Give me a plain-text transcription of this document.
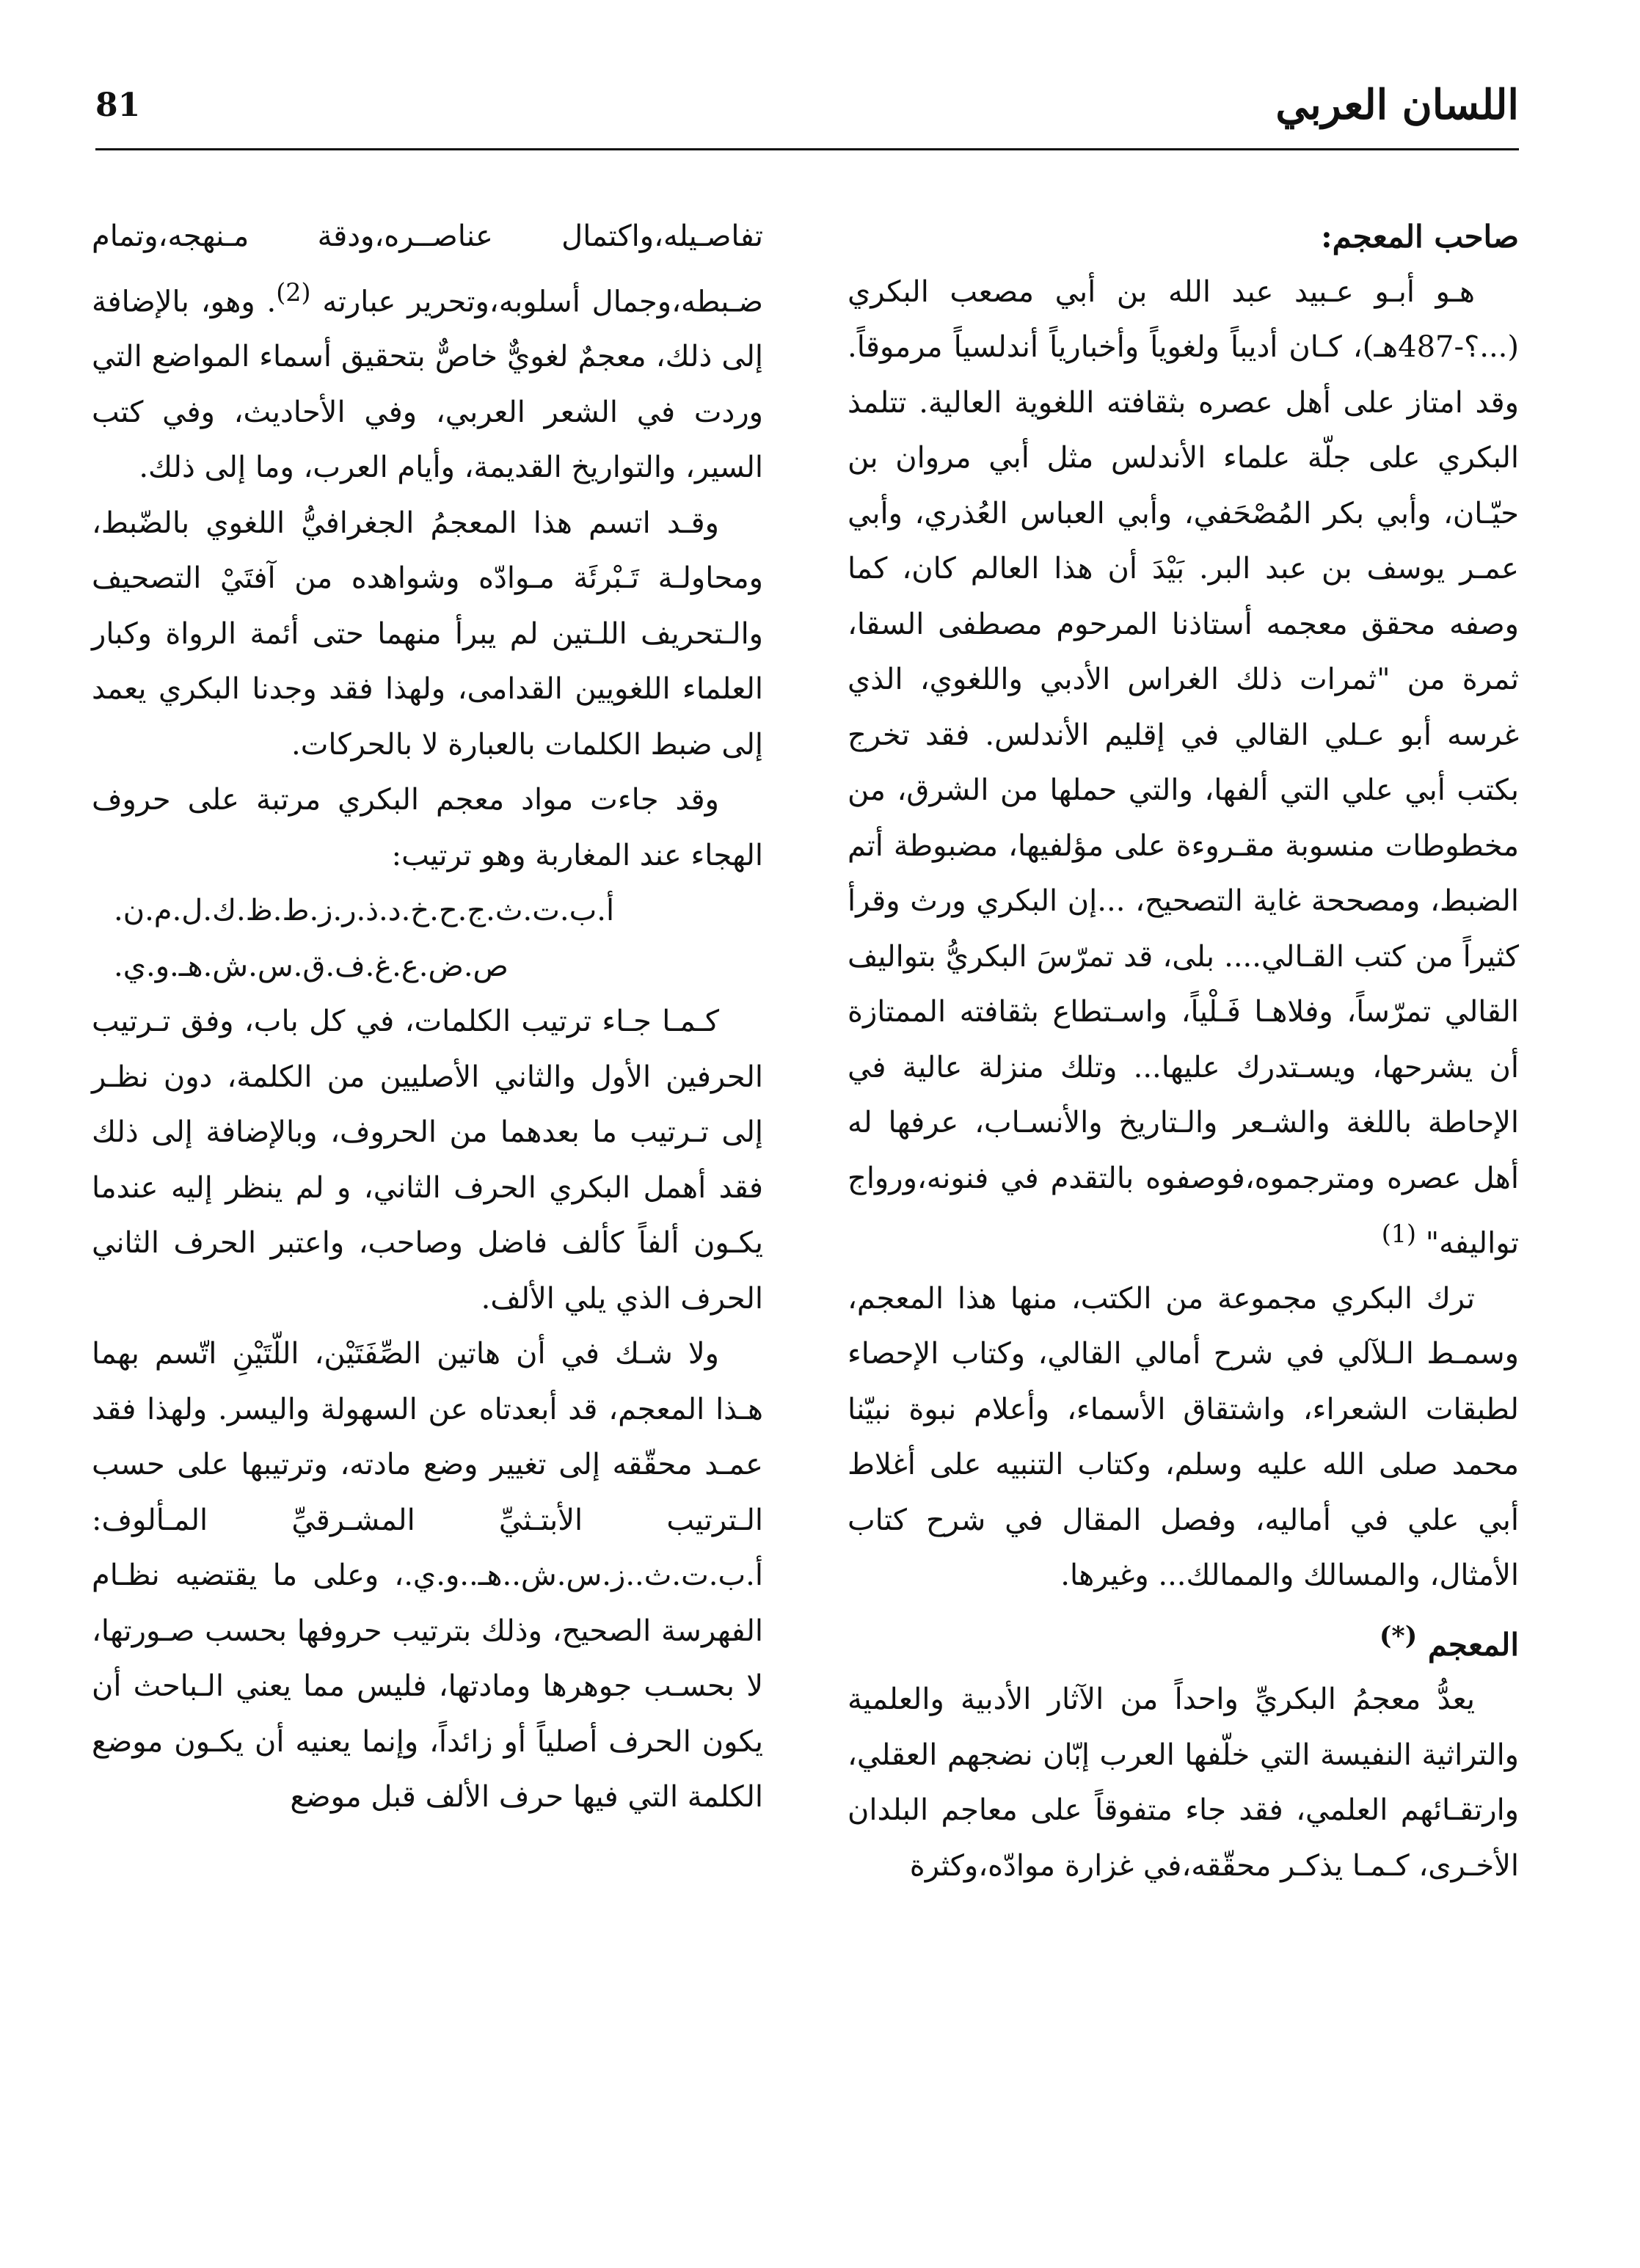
اللسان العربي
81

صاحب المعجم:

هـو أبـو عـبيد عبد الله بن أبي مصعب البكري (...؟-487هـ)، كـان أديباً ولغوياً وأخبارياً أندلسياً مرموقاً. وقد امتاز على أهل عصره بثقافته اللغوية العالية. تتلمذ البكري على جلّة علماء الأندلس مثل أبي مروان بن حيّـان، وأبي بكر المُصْحَفي، وأبي العباس العُذري، وأبي عمـر يوسف بن عبد البر. بَيْدَ أن هذا العالم كان، كما وصفه محقق معجمه أستاذنا المرحوم مصطفى السقا، ثمرة من "ثمرات ذلك الغراس الأدبي واللغوي، الذي غرسه أبو عـلي القالي في إقليم الأندلس. فقد تخرج بكتب أبي علي التي ألفها، والتي حملها من الشرق، من مخطوطات منسوبة مقـروءة على مؤلفيها، مضبوطة أتم الضبط، ومصححة غاية التصحيح، ...إن البكري ورث وقرأ كثيراً من كتب القـالي.... بلى، قد تمرّسَ البكريُّ بتواليف القالي تمرّساً، وفلاهـا فَـلْياً، واسـتطاع بثقافته الممتازة أن يشرحها، ويسـتدرك عليها... وتلك منزلة عالية في الإحاطة باللغة والشـعر والـتاريخ والأنسـاب، عرفها له أهل عصره ومترجموه،فوصفوه بالتقدم في فنونه،ورواج تواليفه" $^{(1)}$

ترك البكري مجموعة من الكتب، منها هذا المعجم، وسمـط الـلآلي في شرح أمالي القالي، وكتاب الإحصاء لطبقات الشعراء، واشتقاق الأسماء، وأعلام نبوة نبيّنا محمد صلى الله عليه وسلم، وكتاب التنبيه على أغلاط أبي علي في أماليه، وفصل المقال في شرح كتاب الأمثال، والمسالك والممالك... وغيرها.

المعجم (*)

يعدُّ معجمُ البكريِّ واحداً من الآثار الأدبية والعلمية والتراثية النفيسة التي خلّفها العرب إبّان نضجهم العقلي، وارتقـائهم العلمي، فقد جاء متفوقاً على معاجم البلدان الأخـرى، كـمـا يذكـر محقّقه،في غزارة موادّه،وكثرة

تفاصـيله،واكتمال عناصــره،ودقة مـنهجه،وتمام ضـبطه،وجمال أسلوبه،وتحرير عبارته $^{(2)}$. وهو، بالإضافة إلى ذلك، معجمٌ لغويٌّ خاصٌّ بتحقيق أسماء المواضع التي وردت في الشعر العربي، وفي الأحاديث، وفي كتب السير، والتواريخ القديمة، وأيام العرب، وما إلى ذلك.

وقـد اتسم هذا المعجمُ الجغرافيُّ اللغوي بالضّبط، ومحاولـة تَـبْرئَة مـوادّه وشواهده من آفتَيْ التصحيف والـتحريف اللـتين لم يبرأ منهما حتى أئمة الرواة وكبار العلماء اللغويين القدامى، ولهذا فقد وجدنا البكري يعمد إلى ضبط الكلمات بالعبارة لا بالحركات.

وقد جاءت مواد معجم البكري مرتبة على حروف الهجاء عند المغاربة وهو ترتيب:

أ.ب.ت.ث.ج.ح.خ.د.ذ.ر.ز.ط.ظ.ك.ل.م.ن.

ص.ض.ع.غ.ف.ق.س.ش.هـ.و.ي.

كـمـا جـاء ترتيب الكلمات، في كل باب، وفق تـرتيب الحرفين الأول والثاني الأصليين من الكلمة، دون نظـر إلى تـرتيب ما بعدهما من الحروف، وبالإضافة إلى ذلك فقد أهمل البكري الحرف الثاني، و لم ينظر إليه عندما يكـون ألفاً كألف فاضل وصاحب، واعتبر الحرف الثاني الحرف الذي يلي الألف.

ولا شـك في أن هاتين الصِّفَتَيْن، اللّتَيْنِ اتّسم بهما هـذا المعجم، قد أبعدتاه عن السهولة واليسر. ولهذا فقد عمـد محقّقه إلى تغيير وضع مادته، وترتيبها على حسب الـترتيب الأبتـثيِّ المشـرقيِّ المـألوف: أ.ب.ت.ث..ز.س.ش..هـ..و.ي.، وعلى ما يقتضيه نظـام الفهرسة الصحيح، وذلك بترتيب حروفها بحسب صـورتها، لا بحسـب جوهرها ومادتها، فليس مما يعني الـباحث أن يكون الحرف أصلياً أو زائداً، وإنما يعنيه أن يكـون موضع الكلمة التي فيها حرف الألف قبل موضع
